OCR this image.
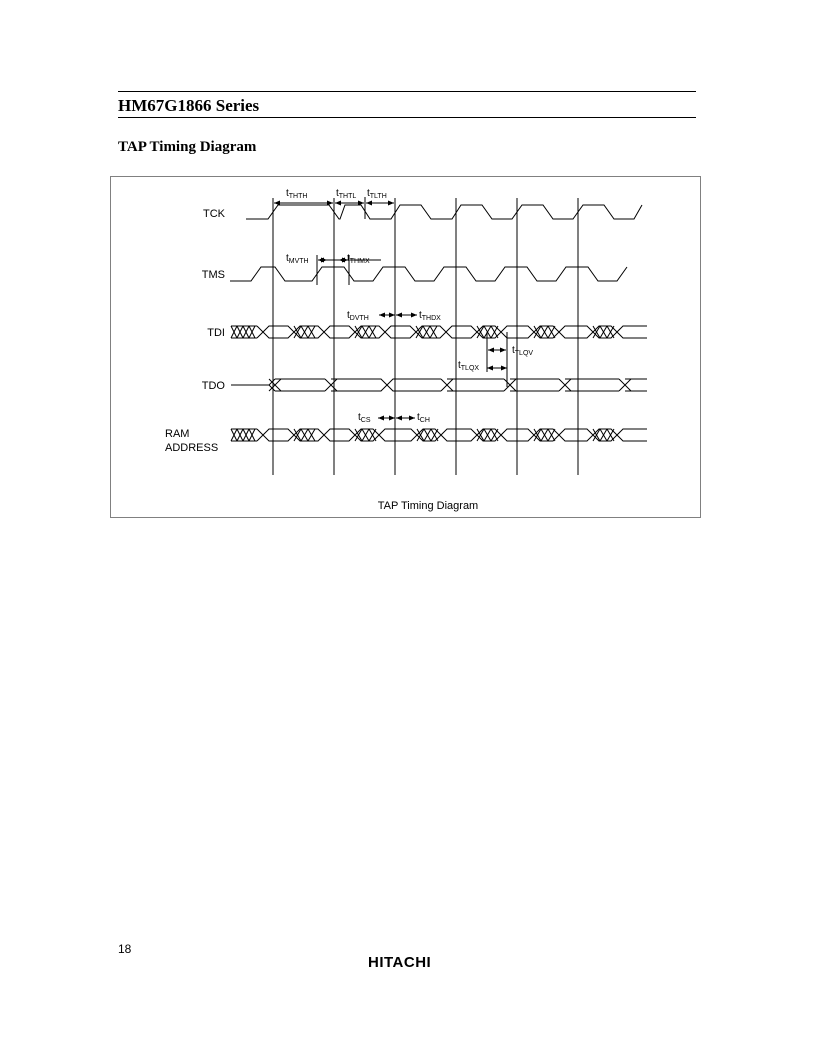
HM67G1866 Series
TAP Timing Diagram
TCK
TMS
TDI
TDO
RAM
ADDRESS
$t_{THTH}$	$t_{THTL}$ $t_{TLTH}$
$t_{MVTH}$	$t_{THMX}$
$t_{DVTH}$	$t_{THDX}$
$t_{TLQV}$
$t_{TLQX}$
$t_{CS}$	$t_{CH}$
TAP Timing Diagram
18
HITACHI
